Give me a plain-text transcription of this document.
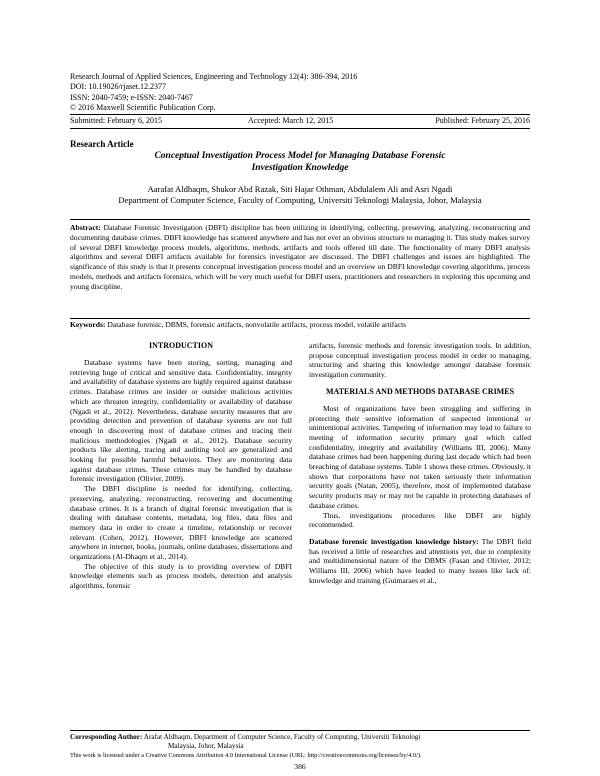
Research Journal of Applied Sciences, Engineering and Technology 12(4): 386-394, 2016
DOI: 10.19026/rjaset.12.2377
ISSN: 2040-7459; e-ISSN: 2040-7467
© 2016 Maxwell Scientific Publication Corp.
Submitted: February 6, 2015	Accepted: March 12, 2015	Published: February 25, 2016
Research Article
Conceptual Investigation Process Model for Managing Database Forensic
Investigation Knowledge
Aarafat Aldhaqm, Shukor Abd Razak, Siti Hajar Othman, Abdulalem Ali and Asri Ngadi
Department of Computer Science, Faculty of Computing, Universiti Teknologi Malaysia, Johor, Malaysia
Abstract: Database Forensic Investigation (DBFI) discipline has been utilizing in identifying, collecting, preserving, analyzing, reconstructing and documenting database crimes. DBFI knowledge has scattered anywhere and has not ever an obvious structure to managing it. This study makes survey of several DBFI knowledge process models, algorithms, methods, artifacts and tools offered till date. The functionality of many DBFI analysis algorithms and several DBFI artifacts available for forensics investigator are discussed. The DBFI challenges and issues are highlighted. The significance of this study is that it presents conceptual investigation process model and an overview on DBFI knowledge covering algorithms, process models, methods and artifacts forensics, which will be very much useful for DBFI users, practitioners and researchers in exploring this upcoming and young discipline.
Keywords: Database forensic, DBMS, forensic artifacts, nonvolatile artifacts, process model, volatile artifacts
INTRODUCTION

Database systems have been storing, sorting, managing and retrieving huge of critical and sensitive data. Confidentiality, integrity and availability of database systems are highly required against database crimes. Database crimes are insider or outsider malicious activities which are threaten integrity, confidentiality or availability of database (Ngadi et al., 2012). Nevertheless, database security measures that are providing detection and prevention of database systems are not full enough in discovering most of database crimes and tracing their malicious methodologies (Ngadi et al., 2012). Database security products like alerting, tracing and auditing tool are generalized and looking for possible harmful behaviors. They are monitoring data against database crimes. These crimes may be handled by database forensic investigation (Olivier, 2009).

The DBFI discipline is needed for identifying, collecting, preserving, analyzing, reconstructing, recovering and documenting database crimes. It is a branch of digital forensic investigation that is dealing with database contents, metadata, log files, data files and memory data in order to create a timeline, relationship or recover relevant (Cohen, 2012). However, DBFI knowledge are scattered anywhere in internet, books, journals, online databases, dissertations and organizations (Al-Dhaqm et al., 2014).

The objective of this study is to providing overview of DBFI knowledge elements such as process models, detection and analysis algorithms, forensic

artifacts, forensic methods and forensic investigation tools. In addition, propose conceptual investigation process model in order to managing, structuring and sharing this knowledge amongst database forensic investigation community.

MATERIALS AND METHODS DATABASE CRIMES

Most of organizations have been struggling and suffering in protecting their sensitive information of suspected intentional or unintentional activities. Tampering of information may lead to failure to meeting of information security primary goal which called confidentiality, integrity and availability (Williams III, 2006). Many database crimes had been happening during last decade which had been breaching of database systems. Table 1 shows these crimes. Obviously, it shows that corporations have not taken seriously their information security goals (Natan, 2005), therefore, most of implemented database security products may or may not be capable in protecting databases of database crimes.

Thus, investigations procedures like DBFI are highly recommended.

Database forensic investigation knowledge history: The DBFI field has received a little of researches and attentions yet, due to complexity and multidimensional nature of the DBMS (Fasan and Olivier, 2012; Williams III, 2006) which have leaded to many issues like lack of: knowledge and training (Guimaraes et al.,

Corresponding Author: Arafat Aldhaqm, Department of Computer Science, Faculty of Computing, Universiti Teknologi
Malaysia, Johor, Malaysia
This work is licensed under a Creative Commons Attribution 4.0 International License (URL: http://creativecommons.org/licenses/by/4.0/).
386
